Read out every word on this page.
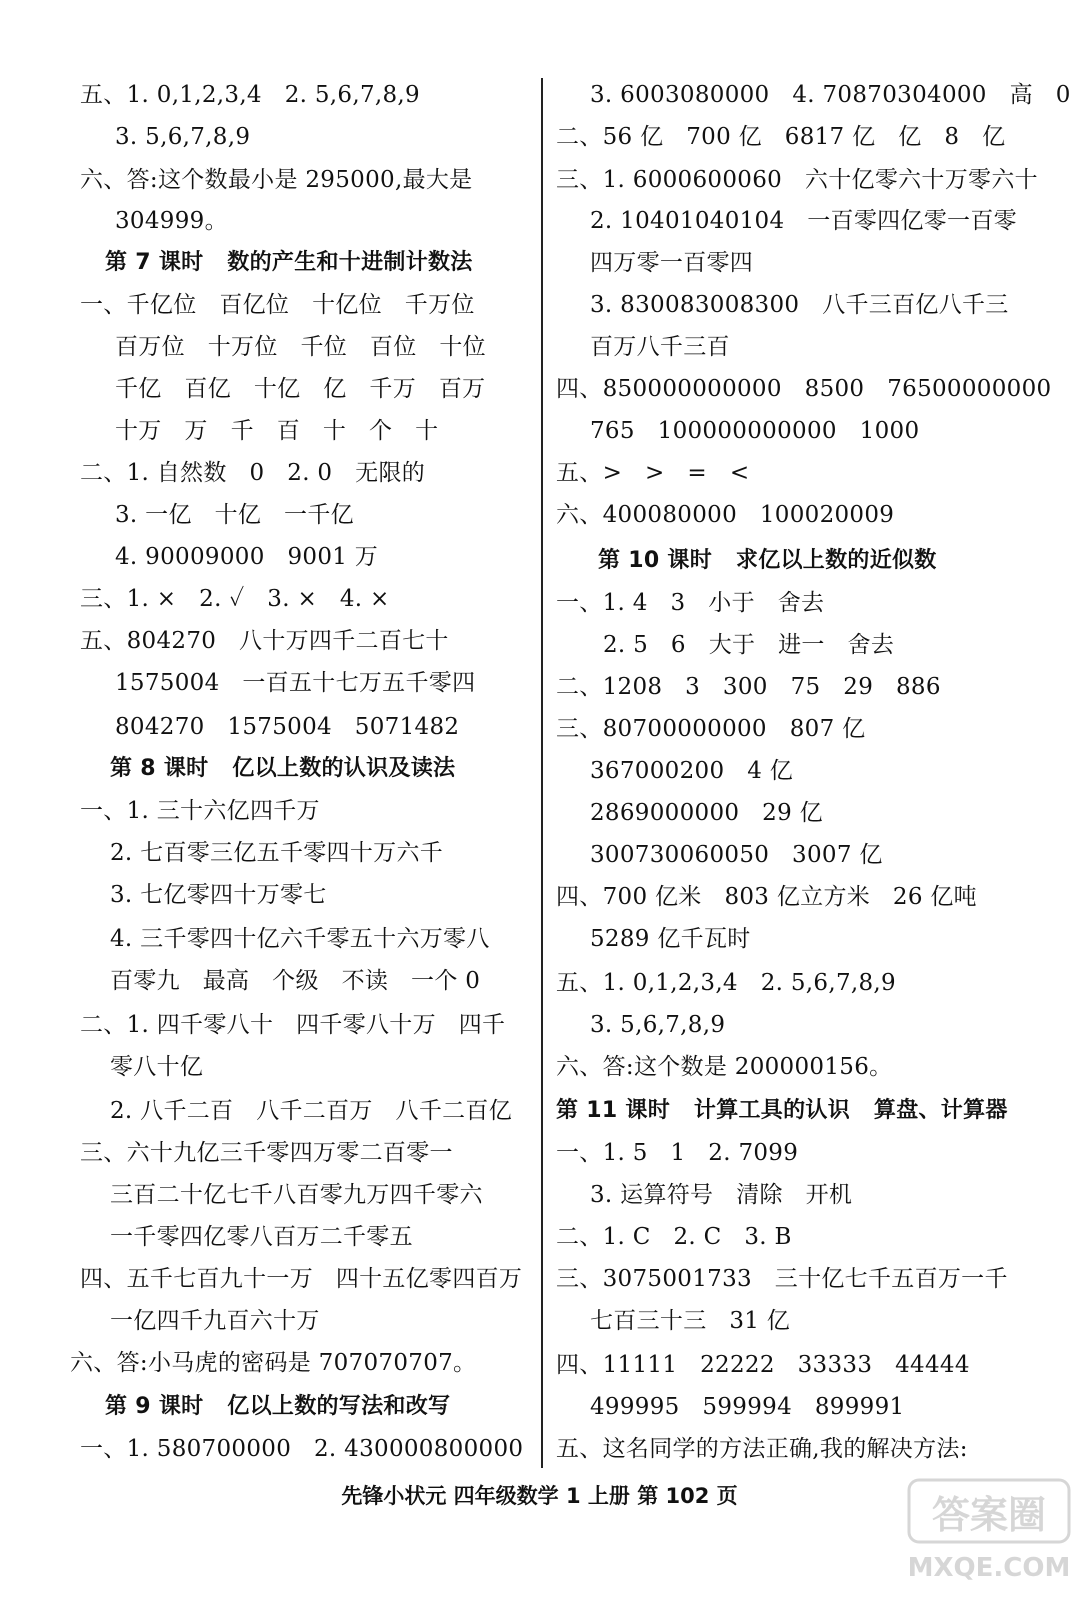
五、1. 0,1,2,3,4   2. 5,6,7,8,9
3. 5,6,7,8,9
六、答:这个数最小是 295000,最大是
304999。
第 7 课时   数的产生和十进制计数法
一、千亿位   百亿位   十亿位   千万位
百万位   十万位   千位   百位   十位
千亿   百亿   十亿   亿   千万   百万
十万   万   千   百   十   个   十
二、1. 自然数   0   2. 0   无限的
3. 一亿   十亿   一千亿
4. 90009000   9001 万
三、1. ×   2. ✓   3. ×   4. ×
五、804270   八十万四千二百七十
1575004   一百五十七万五千零四
804270   1575004   5071482
第 8 课时   亿以上数的认识及读法
一、1. 三十六亿四千万
2. 七百零三亿五千零四十万六千
3. 七亿零四十万零七
4. 三千零四十亿六千零五十六万零八
百零九   最高   个级   不读   一个 0
二、1. 四千零八十   四千零八十万   四千
零八十亿
2. 八千二百   八千二百万   八千二百亿
三、六十九亿三千零四万零二百零一
三百二十亿七千八百零九万四千零六
一千零四亿零八百万二千零五
四、五千七百九十一万   四十五亿零四百万
一亿四千九百六十万
六、答:小马虎的密码是 707070707。
第 9 课时   亿以上数的写法和改写
一、1. 580700000   2. 430000800000
3. 6003080000   4. 70870304000   高   0
二、56 亿   700 亿   6817 亿   亿   8   亿
三、1. 6000600060   六十亿零六十万零六十
2. 10401040104   一百零四亿零一百零
四万零一百零四
3. 830083008300   八千三百亿八千三
百万八千三百
四、850000000000   8500   76500000000
765   100000000000   1000
五、>   >   =   <
六、400080000   100020009
第 10 课时   求亿以上数的近似数
一、1. 4   3   小于   舍去
2. 5   6   大于   进一   舍去
二、1208   3   300   75   29   886
三、80700000000   807 亿
367000200   4 亿
2869000000   29 亿
300730060050   3007 亿
四、700 亿米   803 亿立方米   26 亿吨
5289 亿千瓦时
五、1. 0,1,2,3,4   2. 5,6,7,8,9
3. 5,6,7,8,9
六、答:这个数是 200000156。
第 11 课时   计算工具的认识   算盘、计算器
一、1. 5   1   2. 7099
3. 运算符号   清除   开机
二、1. C   2. C   3. B
三、3075001733   三十亿七千五百万一千
七百三十三   31 亿
四、11111   22222   33333   44444
499995   599994   899991
五、这名同学的方法正确,我的解决方法:
先锋小状元 四年级数学 1 上册 第 102 页	答案圈
MXQE.COM
